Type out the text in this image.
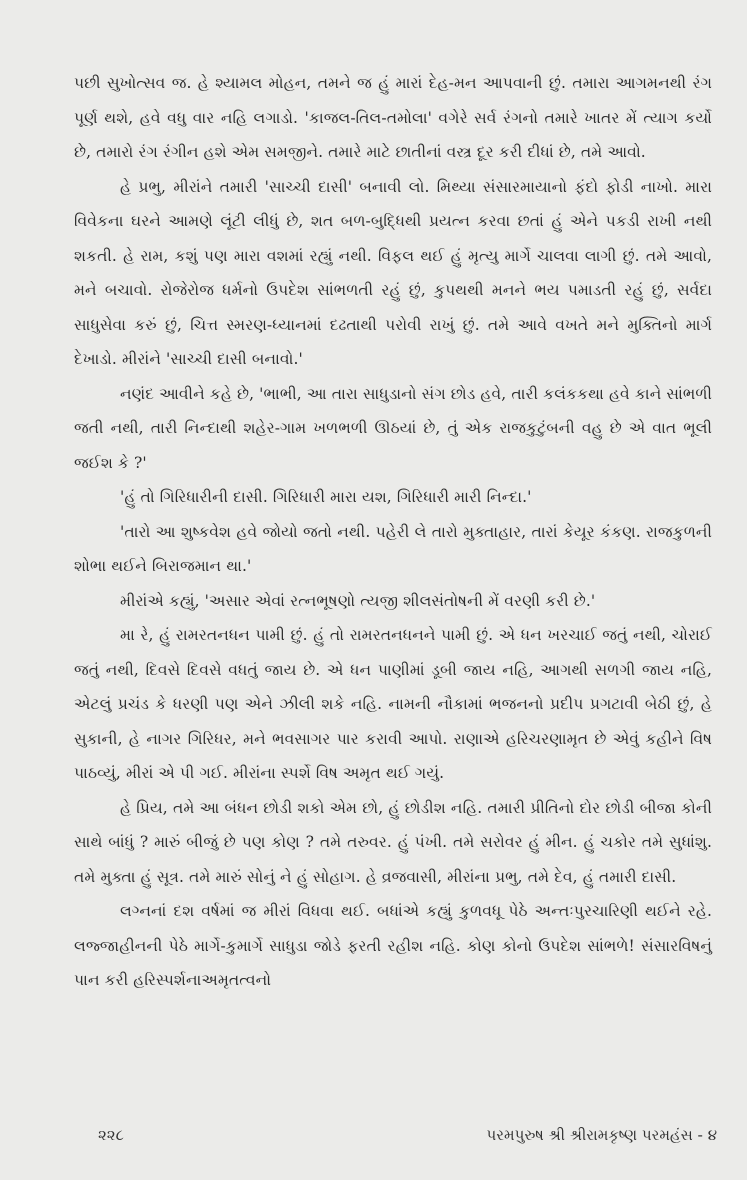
પછી સુખોત્સવ જ. હે શ્યામલ મોહન, તમને જ હું મારાં દેહ-મન આપવાની છું. તમારા આગમનથી રંગ પૂર્ણ થશે, હવે વધુ વાર નહિ લગાડો. 'કાજલ-તિલ-તમોલા' વગેરે સર્વ રંગનો તમારે ખાતર મેં ત્યાગ કર્યો છે, તમારો રંગ રંગીન હશે એમ સમજીને. તમારે માટે છાતીનાં વસ્ત્ર દૂર કરી દીધાં છે, તમે આવો.

હે પ્રભુ, મીરાંને તમારી 'સાચ્ચી દાસી' બનાવી લો. મિથ્યા સંસારમાયાનો ફંદો ફોડી નાખો. મારા વિવેકના ઘરને આમણે લૂંટી લીધું છે, શત બળ-બુદ્ધિથી પ્રયત્ન કરવા છતાં હું એને પકડી રાખી નથી શકતી. હે રામ, કશું પણ મારા વશમાં રહ્યું નથી. વિફલ થઈ હું મૃત્યુ માર્ગે ચાલવા લાગી છું. તમે આવો, મને બચાવો. રોજેરોજ ધર્મનો ઉપદેશ સાંભળતી રહું છું, કુપથથી મનને ભય પમાડતી રહું છું, સર્વદા સાધુસેવા કરું છું, ચિત્ત સ્મરણ-ધ્યાનમાં દઢતાથી પરોવી રાખું છું. તમે આવે વખતે મને મુક્તિનો માર્ગ દેખાડો. મીરાંને 'સાચ્ચી દાસી બનાવો.'

નણંદ આવીને કહે છે, 'ભાભી, આ તારા સાધુડાનો સંગ છોડ હવે, તારી કલંકકથા હવે કાને સાંભળી જતી નથી, તારી નિન્દાથી શહેર-ગામ ખળભળી ઊઠયાં છે, તું એક રાજકુટુંબની વહુ છે એ વાત ભૂલી જઈશ કે ?'

'હું તો ગિરિધારીની દાસી. ગિરિધારી મારા યશ, ગિરિધારી મારી નિન્દા.'

'તારો આ શુષ્કવેશ હવે જોયો જતો નથી. પહેરી લે તારો મુક્તાહાર, તારાં કેયૂર કંકણ. રાજકુળની શોભા થઈને બિરાજમાન થા.'

મીરાંએ કહ્યું, 'અસાર એવાં રત્નભૂષણો ત્યજી શીલસંતોષની મેં વરણી કરી છે.'

મા રે, હું રામરતનધન પામી છું. હું તો રામરતનધનને પામી છું. એ ધન ખરચાઈ જતું નથી, ચોરાઈ જતું નથી, દિવસે દિવસે વધતું જાય છે. એ ધન પાણીમાં ડૂબી જાય નહિ, આગથી સળગી જાય નહિ, એટલું પ્રચંડ કે ધરણી પણ એને ઝીલી શકે નહિ. નામની નૌકામાં ભજનનો પ્રદીપ પ્રગટાવી બેઠી છું, હે સુકાની, હે નાગર ગિરિધર, મને ભવસાગર પાર કરાવી આપો. રાણાએ હરિચરણામૃત છે એવું કહીને વિષ પાઠવ્યું, મીરાં એ પી ગઈ. મીરાંના સ્પર્શે વિષ અમૃત થઈ ગયું.

હે પ્રિય, તમે આ બંધન છોડી શકો એમ છો, હું છોડીશ નહિ. તમારી પ્રીતિનો દોર છોડી બીજા કોની સાથે બાંધું ? મારું બીજું છે પણ કોણ ? તમે તરુવર. હું પંખી. તમે સરોવર હું મીન. હું ચકોર તમે સુધાંશુ. તમે મુક્તા હું સૂત્ર. તમે મારું સોનું ને હું સોહાગ. હે વ્રજવાસી, મીરાંના પ્રભુ, તમે દેવ, હું તમારી દાસી.

લગ્નનાં દશ વર્ષમાં જ મીરાં વિધવા થઈ. બધાંએ કહ્યું કુળવધૂ પેઠે અન્તઃપુરચારિણી થઈને રહે. લજ્જાહીનની પેઠે માર્ગે-કુમાર્ગે સાધુડા જોડે ફરતી રહીશ નહિ. કોણ કોનો ઉપદેશ સાંભળે! સંસારવિષનું પાન કરી હરિસ્પર્શનાઅમૃતત્વનો

૨૨૮	પરમપુરુષ શ્રી શ્રીરામકૃષ્ણ પરમહંસ - ૪
